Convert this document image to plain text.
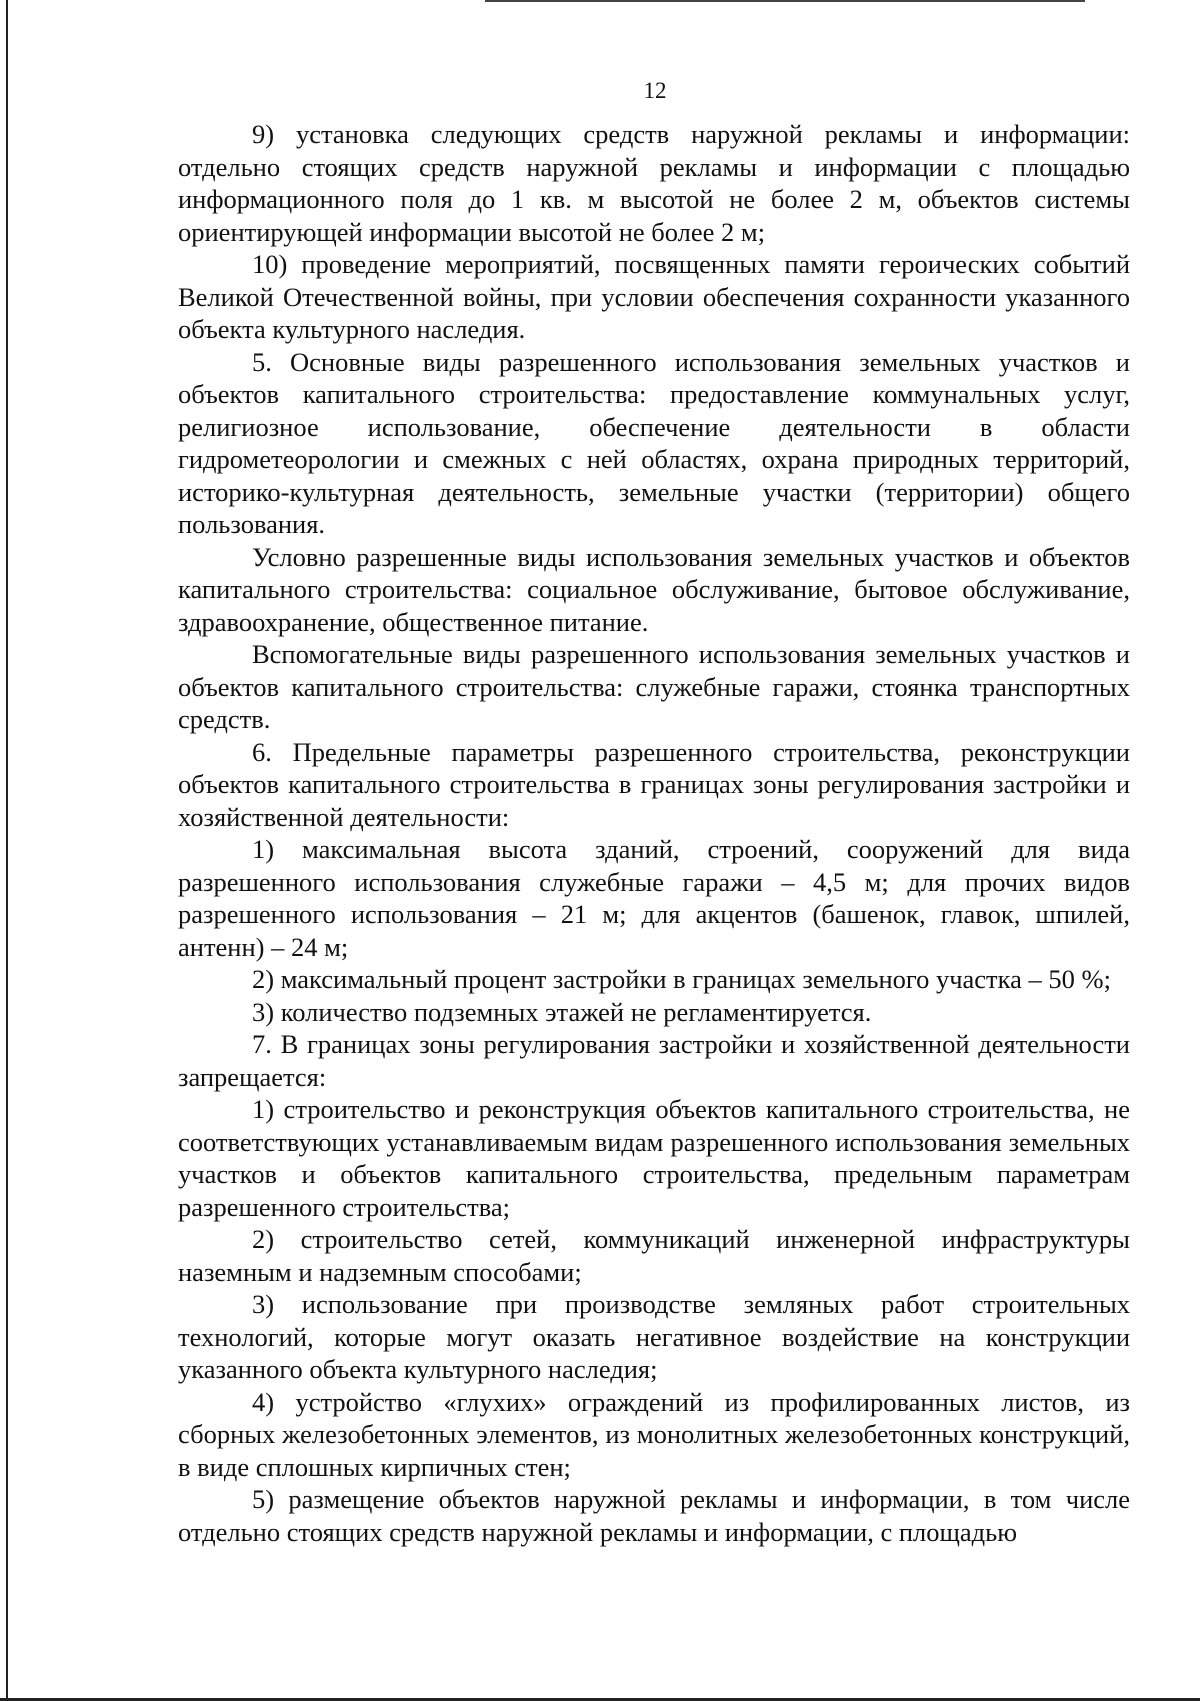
12

9) установка следующих средств наружной рекламы и информации: отдельно стоящих средств наружной рекламы и информации с площадью информационного поля до 1 кв. м высотой не более 2 м, объектов системы ориентирующей информации высотой не более 2 м;

10) проведение мероприятий, посвященных памяти героических событий Великой Отечественной войны, при условии обеспечения сохранности указанного объекта культурного наследия.

5. Основные виды разрешенного использования земельных участков и объектов капитального строительства: предоставление коммунальных услуг, религиозное использование, обеспечение деятельности в области гидрометеорологии и смежных с ней областях, охрана природных территорий, историко-культурная деятельность, земельные участки (территории) общего пользования.

Условно разрешенные виды использования земельных участков и объектов капитального строительства: социальное обслуживание, бытовое обслуживание, здравоохранение, общественное питание.

Вспомогательные виды разрешенного использования земельных участков и объектов капитального строительства: служебные гаражи, стоянка транспортных средств.

6. Предельные параметры разрешенного строительства, реконструкции объектов капитального строительства в границах зоны регулирования застройки и хозяйственной деятельности:

1) максимальная высота зданий, строений, сооружений для вида разрешенного использования служебные гаражи – 4,5 м; для прочих видов разрешенного использования – 21 м; для акцентов (башенок, главок, шпилей, антенн) – 24 м;

2) максимальный процент застройки в границах земельного участка – 50 %;

3) количество подземных этажей не регламентируется.

7. В границах зоны регулирования застройки и хозяйственной деятельности запрещается:

1) строительство и реконструкция объектов капитального строительства, не соответствующих устанавливаемым видам разрешенного использования земельных участков и объектов капитального строительства, предельным параметрам разрешенного строительства;

2) строительство сетей, коммуникаций инженерной инфраструктуры наземным и надземным способами;

3) использование при производстве земляных работ строительных технологий, которые могут оказать негативное воздействие на конструкции указанного объекта культурного наследия;

4) устройство «глухих» ограждений из профилированных листов, из сборных железобетонных элементов, из монолитных железобетонных конструкций, в виде сплошных кирпичных стен;

5) размещение объектов наружной рекламы и информации, в том числе отдельно стоящих средств наружной рекламы и информации, с площадью
